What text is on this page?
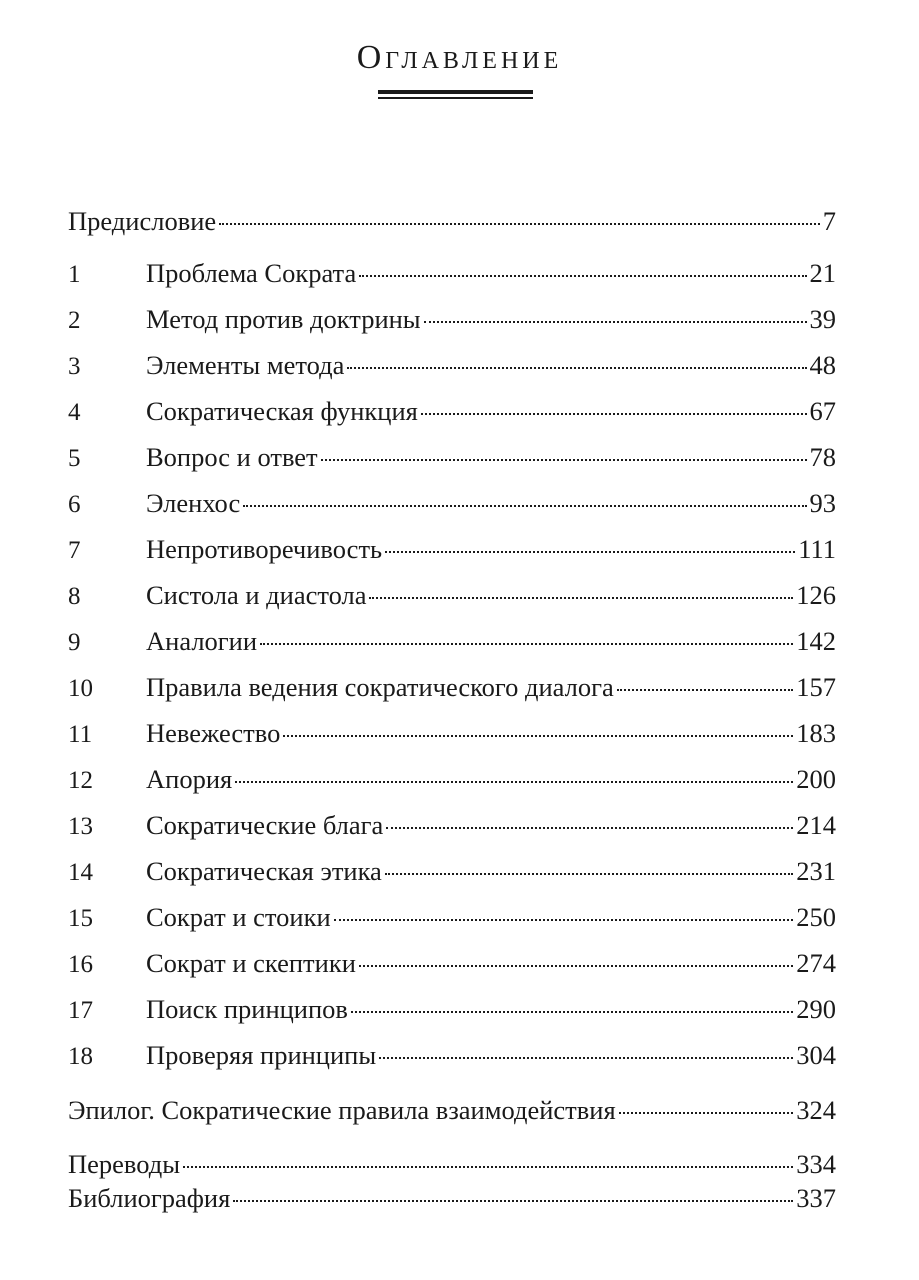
Оглавление
Предисловие	7
1	Проблема Сократа	21
2	Метод против доктрины	39
3	Элементы метода	48
4	Сократическая функция	67
5	Вопрос и ответ	78
6	Эленхос	93
7	Непротиворечивость	111
8	Систола и диастола	126
9	Аналогии	142
10	Правила ведения сократического диалога	157
11	Невежество	183
12	Апория	200
13	Сократические блага	214
14	Сократическая этика	231
15	Сократ и стоики	250
16	Сократ и скептики	274
17	Поиск принципов	290
18	Проверяя принципы	304
Эпилог. Сократические правила взаимодействия	324
Переводы	334
Библиография	337
